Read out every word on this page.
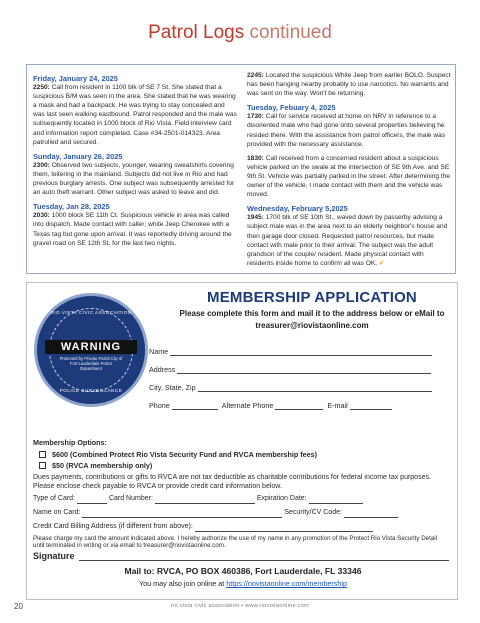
Patrol Logs continued
Friday, January 24, 2025

2250: Call from resident in 1100 blk of SE 7 St. She stated that a suspicious B/M was seen in the area. She stated that he was wearing a mask and had a backpack. He was trying to stay concealed and was last seen walking eastbound. Patrol responded and the male was subsequently located in 1000 block of Rio Vista. Field interview card and information report completed. Case #34-2501-014323. Area patrolled and secured.

Sunday, January 26, 2025

2300: Observed two subjects, younger, wearing sweatshirts covering them, loitering in the mainland. Subjects did not live in Rio and had previous burglary arrests. One subject was subsequently arrested for an auto theft warrant. Other subject was asked to leave and did.

Tuesday, Jan 28, 2025

2030: 1000 block SE 11th Ct. Suspicious vehicle in area was called into dispatch. Made contact with caller; white Jeep Cherokee with a Texas tag but gone upon arrival. It was reportedly driving around the gravel road on SE 12th St. for the last two nights.

2245: Located the suspicious White Jeep from earlier BOLO. Suspect has been hanging nearby probably to use narcotics. No warrants and was sent on the way. Won't be returning.

Tuesday, Febuary 4, 2025

1730: Call for service received at home on NRV in reference to a disoriented male who had gone onto several properties believing he resided there. With the assistance from patrol officers, the male was provided with the necessary assistance.

1830: Call received from a concerned resident about a suspicious vehicle parked on the swale at the intersection of SE 9th Ave. and SE 9th St. Vehicle was partially parked in the street. After determining the owner of the vehicle, I made contact with them and the vehicle was moved.

Wednesday, February 5,2025

1945: 1700 blk of SE 10th St., waved down by passerby advising a subject male was in the area next to an elderly neighbor's house and then garage door closed. Requested patrol resources, but made contact with male prior to their arrival. The subject was the adult grandson of the couple/ resident. Made physical contact with residents inside home to confirm all was OK. ✓

RIO VISTA CIVIC ASSOCIATION
WARNING
Protected by Private Patrol City of Fort Lauderdale Police Department
POLICE SURVEILLANCE
MEMBERSHIP APPLICATION
Please complete this form and mail it to the address below or eMail to
treasurer@riovistaonline.com
Name
Address
City, State, Zip
Phone	Alternate Phone	E-mail
Membership Options:
$600 (Combined Protect Rio Vista Security Fund and RVCA membership fees)
$50 (RVCA membership only)
Dues payments, contributions or gifts to RVCA are not tax deductible as charitable contributions for federal income tax purposes.
Please enclose check payable to RVCA or provide credit card information below.
Type of Card:	Card Number:	Expiration Date:
Name on Card:	Security/CV Code:
Credit Card Billing Address (if different from above):
Please charge my card the amount indicated above. I hereby authorize the use of my name in any promotion of the Protect Rio Vista Security Detail
until terminated in writing or via email to treasurer@riovistaonline.com.
Signature
Mail to: RVCA, PO BOX 460386, Fort Lauderdale, FL 33346
You may also join online at https://riovistaonline.com/membership
20	rio vista civic association • www.riovistaonline.com
